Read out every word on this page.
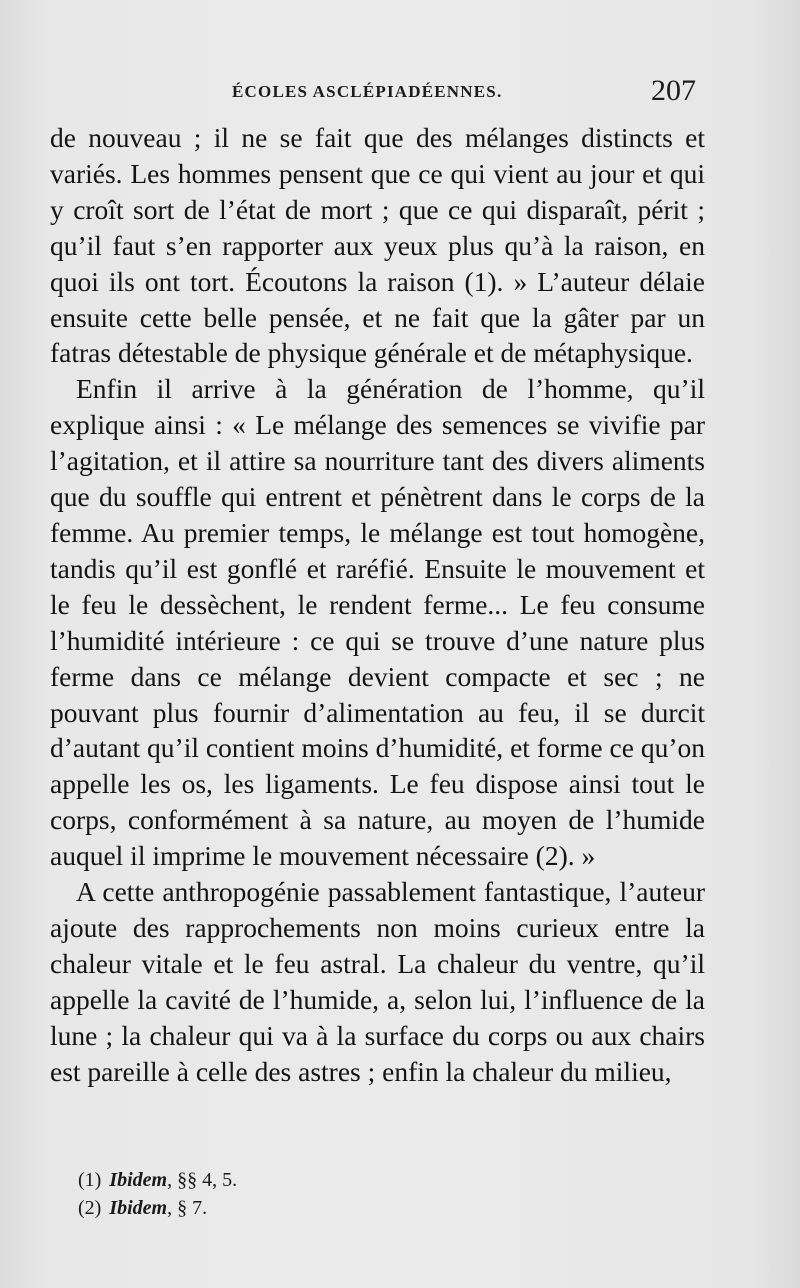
ÉCOLES ASCLÉPIADÉENNES.	207

de nouveau ; il ne se fait que des mélanges distincts et variés. Les hommes pensent que ce qui vient au jour et qui y croît sort de l’état de mort ; que ce qui disparaît, périt ; qu’il faut s’en rapporter aux yeux plus qu’à la raison, en quoi ils ont tort. Écoutons la raison (1). » L’auteur délaie ensuite cette belle pensée, et ne fait que la gâter par un fatras détestable de physique générale et de métaphysique.

Enfin il arrive à la génération de l’homme, qu’il explique ainsi : « Le mélange des semences se vivifie par l’agitation, et il attire sa nourriture tant des divers aliments que du souffle qui entrent et pénètrent dans le corps de la femme. Au premier temps, le mélange est tout homogène, tandis qu’il est gonflé et raréfié. Ensuite le mouvement et le feu le dessèchent, le rendent ferme... Le feu consume l’humidité intérieure : ce qui se trouve d’une nature plus ferme dans ce mélange devient compacte et sec ; ne pouvant plus fournir d’alimentation au feu, il se durcit d’autant qu’il contient moins d’humidité, et forme ce qu’on appelle les os, les ligaments. Le feu dispose ainsi tout le corps, conformément à sa nature, au moyen de l’humide auquel il imprime le mouvement nécessaire (2). »

A cette anthropogénie passablement fantastique, l’auteur ajoute des rapprochements non moins curieux entre la chaleur vitale et le feu astral. La chaleur du ventre, qu’il appelle la cavité de l’humide, a, selon lui, l’influence de la lune ; la chaleur qui va à la surface du corps ou aux chairs est pareille à celle des astres ; enfin la chaleur du milieu,

(1) Ibidem, §§ 4, 5.
(2) Ibidem, § 7.
